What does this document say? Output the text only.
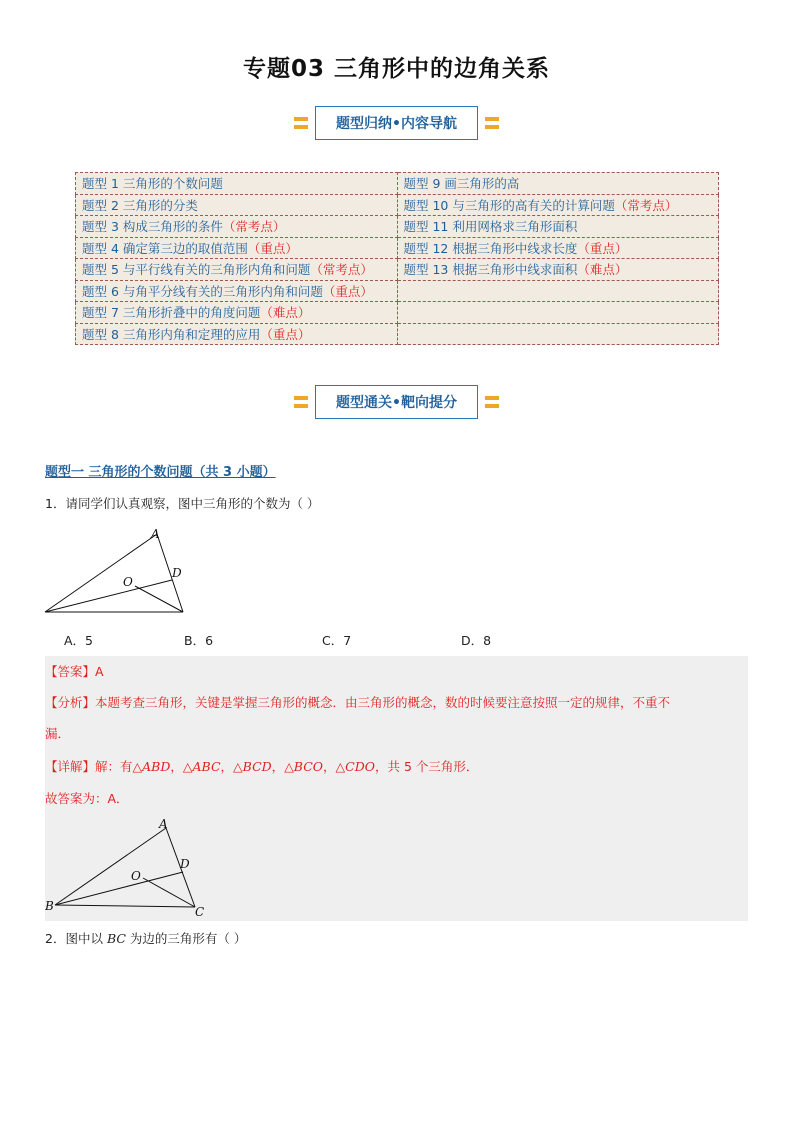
专题03 三角形中的边角关系
题型归纳•内容导航
题型 1 三角形的个数问题	题型 9 画三角形的高
题型 2 三角形的分类	题型 10 与三角形的高有关的计算问题（常考点）
题型 3 构成三角形的条件（常考点）	题型 11 利用网格求三角形面积
题型 4 确定第三边的取值范围（重点）	题型 12 根据三角形中线求长度（重点）
题型 5 与平行线有关的三角形内角和问题（常考点）	题型 13 根据三角形中线求面积（难点）
题型 6 与角平分线有关的三角形内角和问题（重点）	
题型 7 三角形折叠中的角度问题（难点）	
题型 8 三角形内角和定理的应用（重点）	
题型通关•靶向提分
题型一 三角形的个数问题（共 3 小题）
1．请同学们认真观察，图中三角形的个数为（ ）
A
D
O
A．5	B．6	C．7	D．8
【答案】A
【分析】本题考查三角形，关键是掌握三角形的概念．由三角形的概念，数的时候要注意按照一定的规律，不重不
漏．
【详解】解：有△ABD，△ABC，△BCD，△BCO，△CDO，共 5 个三角形．
故答案为：A．
A
D
O
B	C
2．图中以 BC 为边的三角形有（ ）
